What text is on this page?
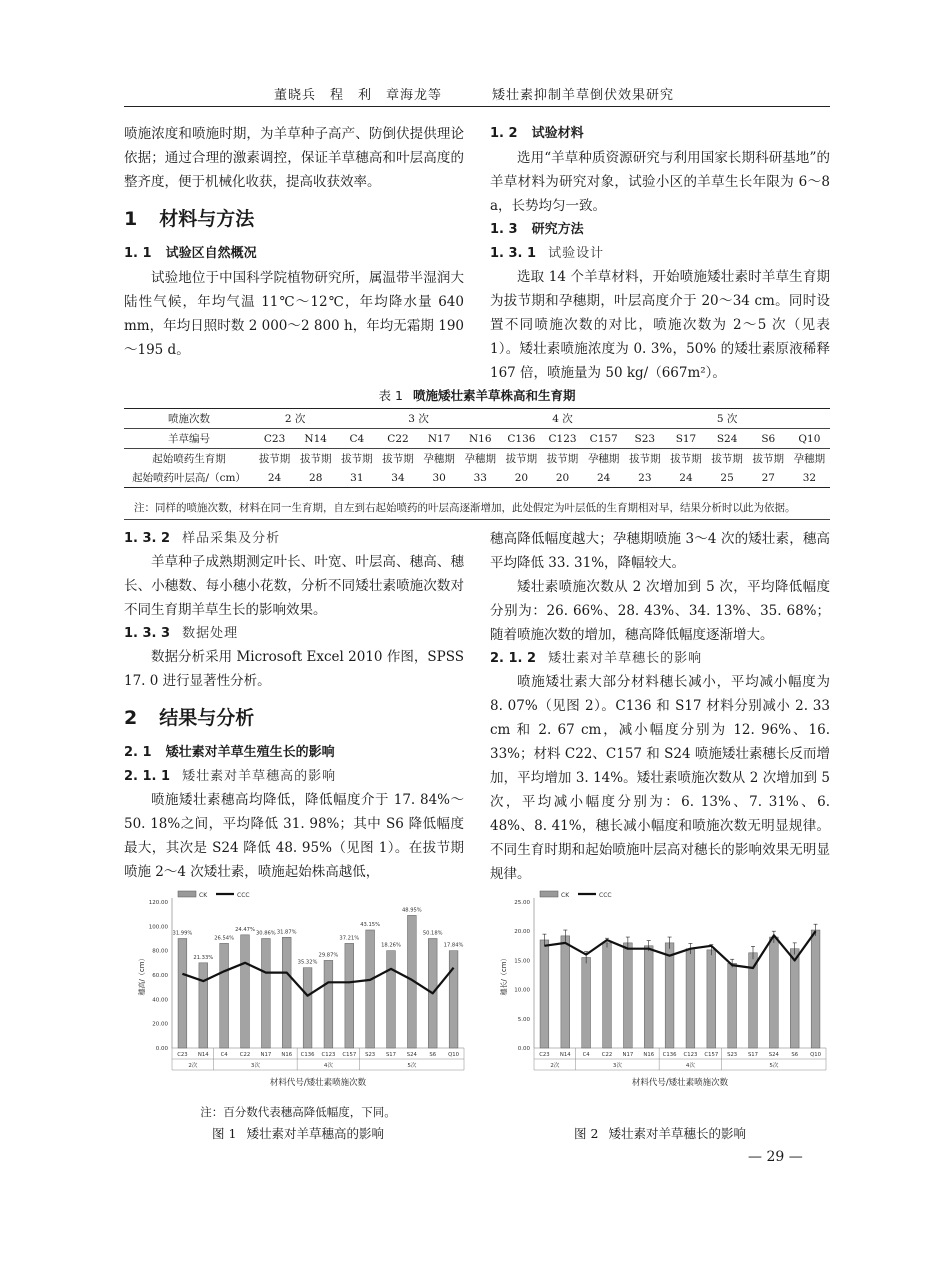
董晓兵　程　利　章海龙等	矮壮素抑制羊草倒伏效果研究

喷施浓度和喷施时期，为羊草种子高产、防倒伏提供理论依据；通过合理的激素调控，保证羊草穗高和叶层高度的整齐度，便于机械化收获，提高收获效率。

1 材料与方法
1. 1 试验区自然概况

试验地位于中国科学院植物研究所，属温带半湿润大陆性气候，年均气温 11℃～12℃，年均降水量 640 mm，年均日照时数 2 000～2 800 h，年均无霜期 190～195 d。

1. 2 试验材料

选用“羊草种质资源研究与利用国家长期科研基地”的羊草材料为研究对象，试验小区的羊草生长年限为 6～8 a，长势均匀一致。

1. 3 研究方法
1. 3. 1 试验设计

选取 14 个羊草材料，开始喷施矮壮素时羊草生育期为拔节期和孕穗期，叶层高度介于 20～34 cm。同时设置不同喷施次数的对比，喷施次数为 2～5 次（见表 1）。矮壮素喷施浓度为 0. 3%，50% 的矮壮素原液稀释 167 倍，喷施量为 50 kg/（667m²）。

表 1 喷施矮壮素羊草株高和生育期
喷施次数	2 次		3 次				4 次			5 次				
羊草编号	C23	N14	C4	C22	N17	N16	C136	C123	C157	S23	S17	S24	S6	Q10
起始喷药生育期	拔节期	拔节期	拔节期	拔节期	孕穗期	孕穗期	拔节期	拔节期	孕穗期	拔节期	拔节期	拔节期	拔节期	孕穗期
起始喷药叶层高/（cm）	24	28	31	34	30	33	20	20	24	23	24	25	27	32
注：同样的喷施次数，材料在同一生育期，自左到右起始喷药的叶层高逐渐增加，此处假定为叶层低的生育期相对早，结果分析时以此为依据。
1. 3. 2 样品采集及分析

羊草种子成熟期测定叶长、叶宽、叶层高、穗高、穗长、小穗数、每小穗小花数，分析不同矮壮素喷施次数对不同生育期羊草生长的影响效果。

1. 3. 3 数据处理

数据分析采用 Microsoft Excel 2010 作图，SPSS 17. 0 进行显著性分析。

2 结果与分析
2. 1 矮壮素对羊草生殖生长的影响
2. 1. 1 矮壮素对羊草穗高的影响

喷施矮壮素穗高均降低，降低幅度介于 17. 84%～50. 18%之间，平均降低 31. 98%；其中 S6 降低幅度最大，其次是 S24 降低 48. 95%（见图 1）。在拔节期喷施 2～4 次矮壮素，喷施起始株高越低，

穗高降低幅度越大；孕穗期喷施 3～4 次的矮壮素，穗高平均降低 33. 31%，降幅较大。

矮壮素喷施次数从 2 次增加到 5 次，平均降低幅度分别为：26. 66%、28. 43%、34. 13%、35. 68%；随着喷施次数的增加，穗高降低幅度逐渐增大。

2. 1. 2 矮壮素对羊草穗长的影响

喷施矮壮素大部分材料穗长减小，平均减小幅度为 8. 07%（见图 2）。C136 和 S17 材料分别减小 2. 33 cm 和 2. 67 cm，减小幅度分别为 12. 96%、16. 33%；材料 C22、C157 和 S24 喷施矮壮素穗长反而增加，平均增加 3. 14%。矮壮素喷施次数从 2 次增加到 5 次，平均减小幅度分别为：6. 13%、7. 31%、6. 48%、8. 41%，穗长减小幅度和喷施次数无明显规律。不同生育时期和起始喷施叶层高对穗长的影响效果无明显规律。

CK	CCC
0.00
20.00
40.00
60.00
80.00
100.00
120.00
穗高/（cm）
31.99%
C23
21.33%
N14
26.54%
C4
24.47%
C22
30.86%
N17
31.87%
N16
35.32%
C136
29.87%
C123
37.21%
C157
43.15%
S23
18.26%
S17
48.95%
S24
50.18%
S6
17.84%
Q10
2次	3次	4次	5次
材料代号/矮壮素喷施次数
注：百分数代表穗高降低幅度，下同。
图 1 矮壮素对羊草穗高的影响
CK	CCC
0.00
5.00
10.00
15.00
20.00
25.00
穗长/（cm）
C23 N14 C4 C22 N17 N16 C136 C123 C157 S23 S17 S24 S6 Q10
2次	3次	4次	5次
材料代号/矮壮素喷施次数
图 2 矮壮素对羊草穗长的影响
— 29 —
